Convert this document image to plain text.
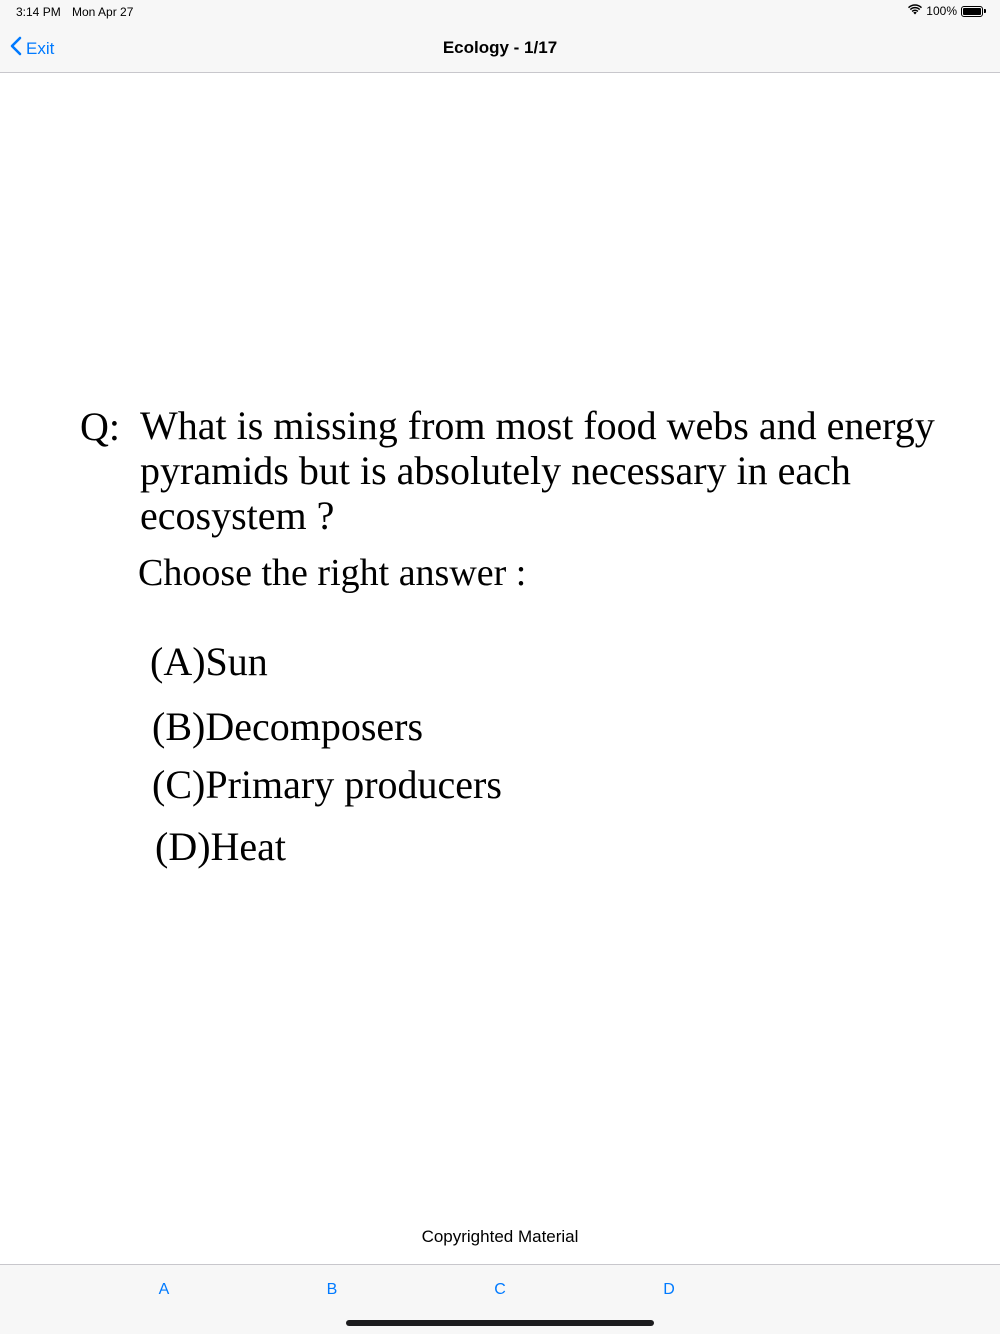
3:14 PM Mon Apr 27	100%
Exit	Ecology - 1/17
Q: What is missing from most food webs and energy pyramids but is absolutely necessary in each ecosystem ?
Choose the right answer :
(A)Sun
(B)Decomposers
(C)Primary producers
(D)Heat
Copyrighted Material
A	B	C	D
